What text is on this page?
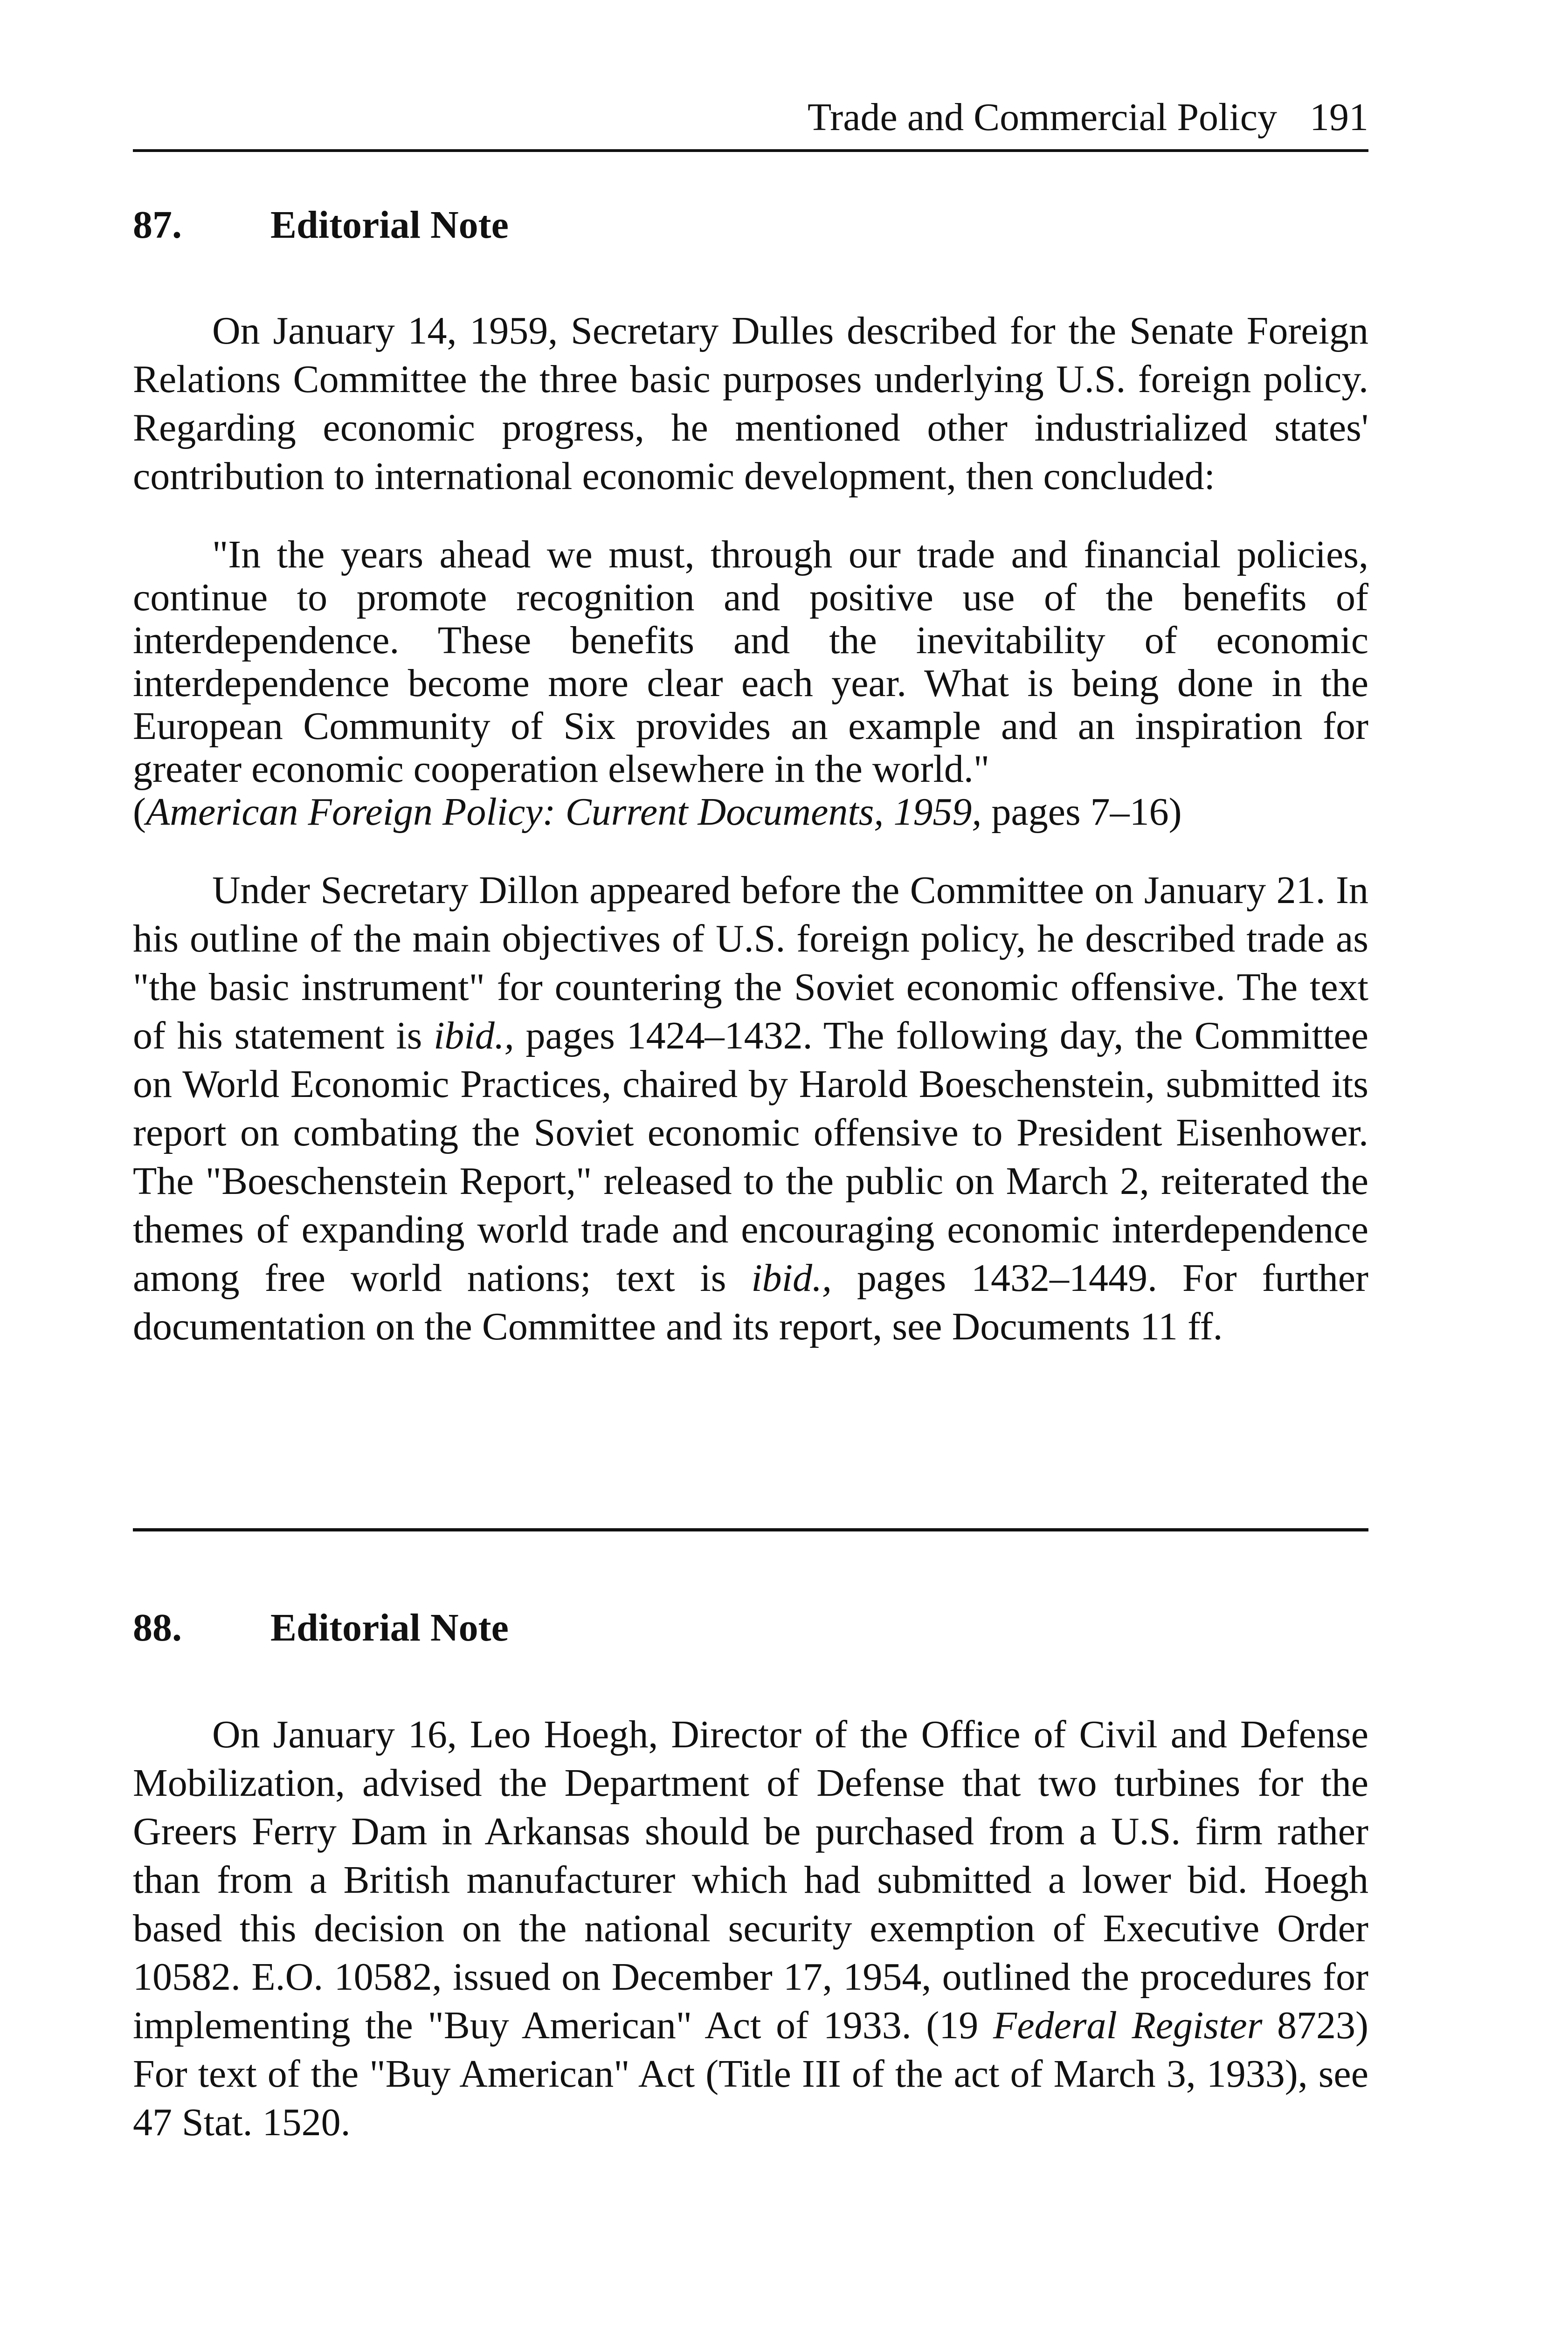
Trade and Commercial Policy 191
87.	Editorial Note

On January 14, 1959, Secretary Dulles described for the Senate Foreign Relations Committee the three basic purposes underlying U.S. foreign policy. Regarding economic progress, he mentioned other industrialized states' contribution to international economic development, then concluded:

"In the years ahead we must, through our trade and financial policies, continue to promote recognition and positive use of the benefits of interdependence. These benefits and the inevitability of economic interdependence become more clear each year. What is being done in the European Community of Six provides an example and an inspiration for greater economic cooperation elsewhere in the world."

(American Foreign Policy: Current Documents, 1959, pages 7–16)

Under Secretary Dillon appeared before the Committee on January 21. In his outline of the main objectives of U.S. foreign policy, he described trade as "the basic instrument" for countering the Soviet economic offensive. The text of his statement is ibid., pages 1424–1432. The following day, the Committee on World Economic Practices, chaired by Harold Boeschenstein, submitted its report on combating the Soviet economic offensive to President Eisenhower. The "Boeschenstein Report," released to the public on March 2, reiterated the themes of expanding world trade and encouraging economic interdependence among free world nations; text is ibid., pages 1432–1449. For further documentation on the Committee and its report, see Documents 11 ff.

88.	Editorial Note

On January 16, Leo Hoegh, Director of the Office of Civil and Defense Mobilization, advised the Department of Defense that two turbines for the Greers Ferry Dam in Arkansas should be purchased from a U.S. firm rather than from a British manufacturer which had submitted a lower bid. Hoegh based this decision on the national security exemption of Executive Order 10582. E.O. 10582, issued on December 17, 1954, outlined the procedures for implementing the "Buy American" Act of 1933. (19 Federal Register 8723) For text of the "Buy American" Act (Title III of the act of March 3, 1933), see 47 Stat. 1520.
